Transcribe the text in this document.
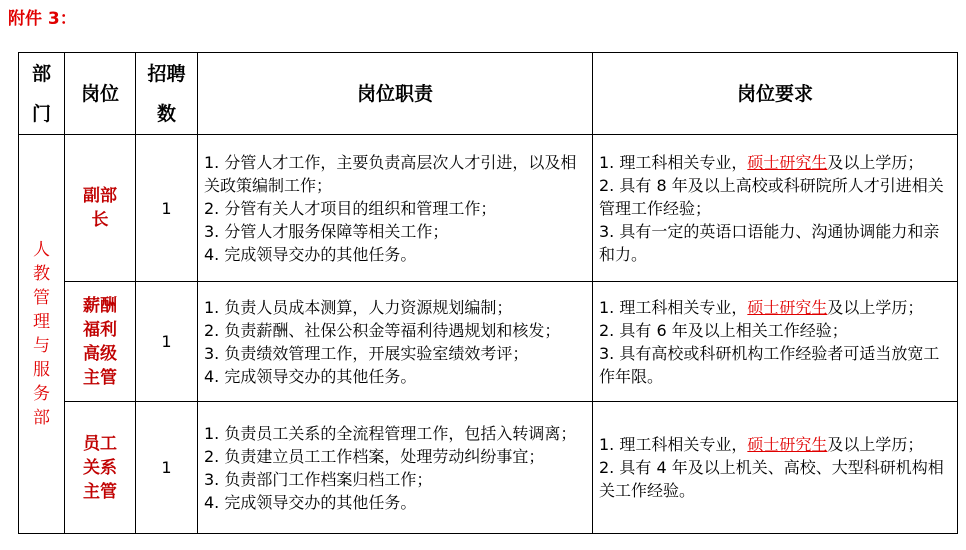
附件 3：
部门	岗位	招聘数	岗位职责	岗位要求
人教管理与服务部	副部长	1	1. 分管人才工作，主要负责高层次人才引进，以及相关政策编制工作；
2. 分管有关人才项目的组织和管理工作；
3. 分管人才服务保障等相关工作；
4. 完成领导交办的其他任务。	1. 理工科相关专业，硕士研究生及以上学历；
2. 具有 8 年及以上高校或科研院所人才引进相关管理工作经验；
3. 具有一定的英语口语能力、沟通协调能力和亲和力。

	薪酬福利高级主管	1	1. 负责人员成本测算，人力资源规划编制；
2. 负责薪酬、社保公积金等福利待遇规划和核发；
3. 负责绩效管理工作，开展实验室绩效考评；
4. 完成领导交办的其他任务。	1. 理工科相关专业，硕士研究生及以上学历；
2. 具有 6 年及以上相关工作经验；
3. 具有高校或科研机构工作经验者可适当放宽工作年限。

	员工关系主管	1	1. 负责员工关系的全流程管理工作，包括入转调离；
2. 负责建立员工工作档案，处理劳动纠纷事宜；
3. 负责部门工作档案归档工作；
4. 完成领导交办的其他任务。	1. 理工科相关专业，硕士研究生及以上学历；
2. 具有 4 年及以上机关、高校、大型科研机构相关工作经验。
